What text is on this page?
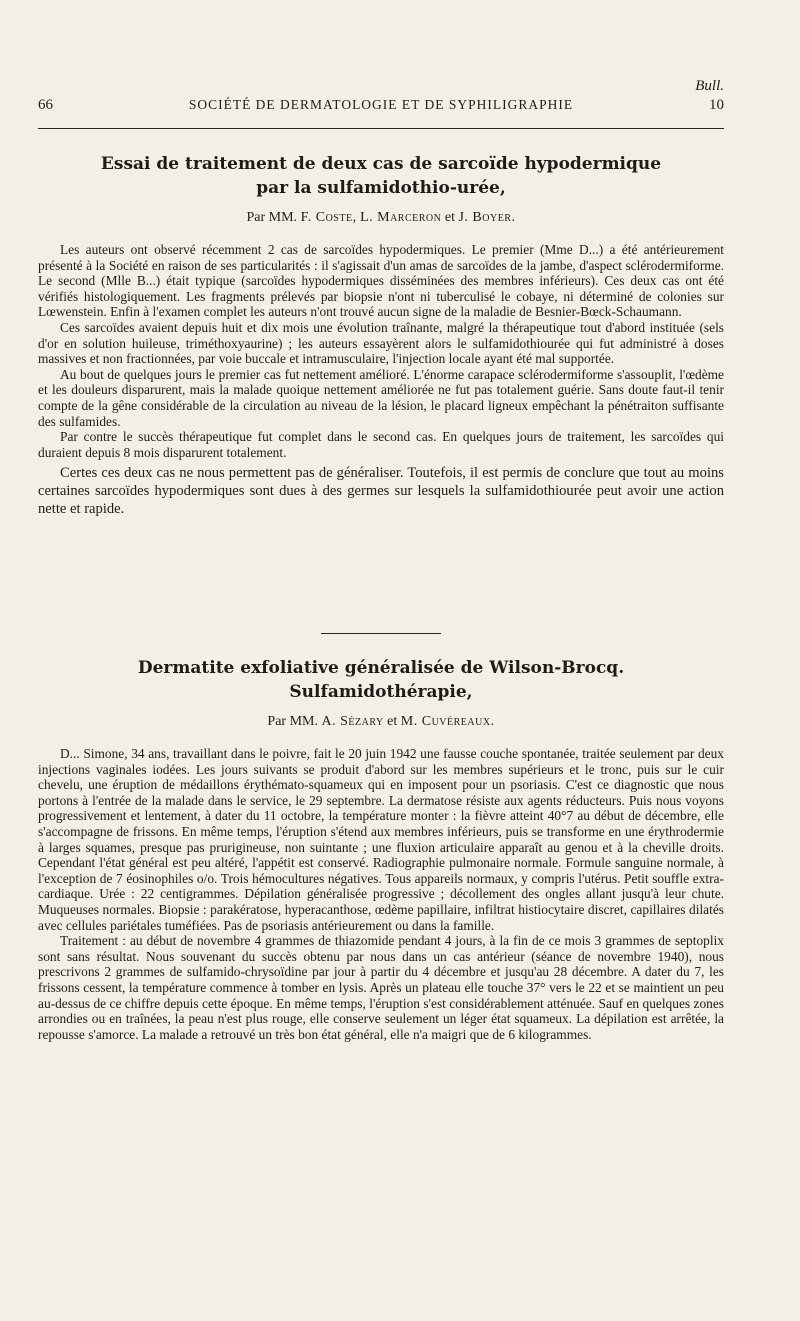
Bull.
66	SOCIÉTÉ DE DERMATOLOGIE ET DE SYPHILIGRAPHIE	10
Essai de traitement de deux cas de sarcoïde hypodermique
par la sulfamidothio-urée,
Par MM. F. Coste, L. Marceron et J. Boyer.

Les auteurs ont observé récemment 2 cas de sarcoïdes hypodermiques. Le premier (Mme D...) a été antérieurement présenté à la Société en raison de ses particularités : il s'agissait d'un amas de sarcoïdes de la jambe, d'aspect sclérodermiforme. Le second (Mlle B...) était typique (sarcoïdes hypodermiques disséminées des membres inférieurs). Ces deux cas ont été vérifiés histologiquement. Les fragments prélevés par biopsie n'ont ni tuberculisé le cobaye, ni déterminé de colonies sur Lœwenstein. Enfin à l'examen complet les auteurs n'ont trouvé aucun signe de la maladie de Besnier-Bœck-Schaumann.

Ces sarcoïdes avaient depuis huit et dix mois une évolution traînante, malgré la thérapeutique tout d'abord instituée (sels d'or en solution huileuse, triméthoxyaurine) ; les auteurs essayèrent alors le sulfamidothiourée qui fut administré à doses massives et non fractionnées, par voie buccale et intramusculaire, l'injection locale ayant été mal supportée.

Au bout de quelques jours le premier cas fut nettement amélioré. L'énorme carapace sclérodermiforme s'assouplit, l'œdème et les douleurs disparurent, mais la malade quoique nettement améliorée ne fut pas totalement guérie. Sans doute faut-il tenir compte de la gêne considérable de la circulation au niveau de la lésion, le placard ligneux empêchant la pénétraiton suffisante des sulfamides.

Par contre le succès thérapeutique fut complet dans le second cas. En quelques jours de traitement, les sarcoïdes qui duraient depuis 8 mois disparurent totalement.

Certes ces deux cas ne nous permettent pas de généraliser. Toutefois, il est permis de conclure que tout au moins certaines sarcoïdes hypodermiques sont dues à des germes sur lesquels la sulfamidothiourée peut avoir une action nette et rapide.

Dermatite exfoliative généralisée de Wilson-Brocq.
Sulfamidothérapie,
Par MM. A. Sézary et M. Cuvéreaux.

D... Simone, 34 ans, travaillant dans le poivre, fait le 20 juin 1942 une fausse couche spontanée, traitée seulement par deux injections vaginales iodées. Les jours suivants se produit d'abord sur les membres supérieurs et le tronc, puis sur le cuir chevelu, une éruption de médaillons érythémato-squameux qui en imposent pour un psoriasis. C'est ce diagnostic que nous portons à l'entrée de la malade dans le service, le 29 septembre. La dermatose résiste aux agents réducteurs. Puis nous voyons progressivement et lentement, à dater du 11 octobre, la température monter : la fièvre atteint 40°7 au début de décembre, elle s'accompagne de frissons. En même temps, l'éruption s'étend aux membres inférieurs, puis se transforme en une érythrodermie à larges squames, presque pas prurigineuse, non suintante ; une fluxion articulaire apparaît au genou et à la cheville droits. Cependant l'état général est peu altéré, l'appétit est conservé. Radiographie pulmonaire normale. Formule sanguine normale, à l'exception de 7 éosinophiles o/o. Trois hémocultures négatives. Tous appareils normaux, y compris l'utérus. Petit souffle extra-cardiaque. Urée : 22 centigrammes. Dépilation généralisée progressive ; décollement des ongles allant jusqu'à leur chute. Muqueuses normales. Biopsie : parakératose, hyperacanthose, œdème papillaire, infiltrat histiocytaire discret, capillaires dilatés avec cellules pariétales tuméfiées. Pas de psoriasis antérieurement ou dans la famille.

Traitement : au début de novembre 4 grammes de thiazomide pendant 4 jours, à la fin de ce mois 3 grammes de septoplix sont sans résultat. Nous souvenant du succès obtenu par nous dans un cas antérieur (séance de novembre 1940), nous prescrivons 2 grammes de sulfamido-chrysoïdine par jour à partir du 4 décembre et jusqu'au 28 décembre. A dater du 7, les frissons cessent, la température commence à tomber en lysis. Après un plateau elle touche 37° vers le 22 et se maintient un peu au-dessus de ce chiffre depuis cette époque. En même temps, l'éruption s'est considérablement atténuée. Sauf en quelques zones arrondies ou en traînées, la peau n'est plus rouge, elle conserve seulement un léger état squameux. La dépilation est arrêtée, la repousse s'amorce. La malade a retrouvé un très bon état général, elle n'a maigri que de 6 kilogrammes.
